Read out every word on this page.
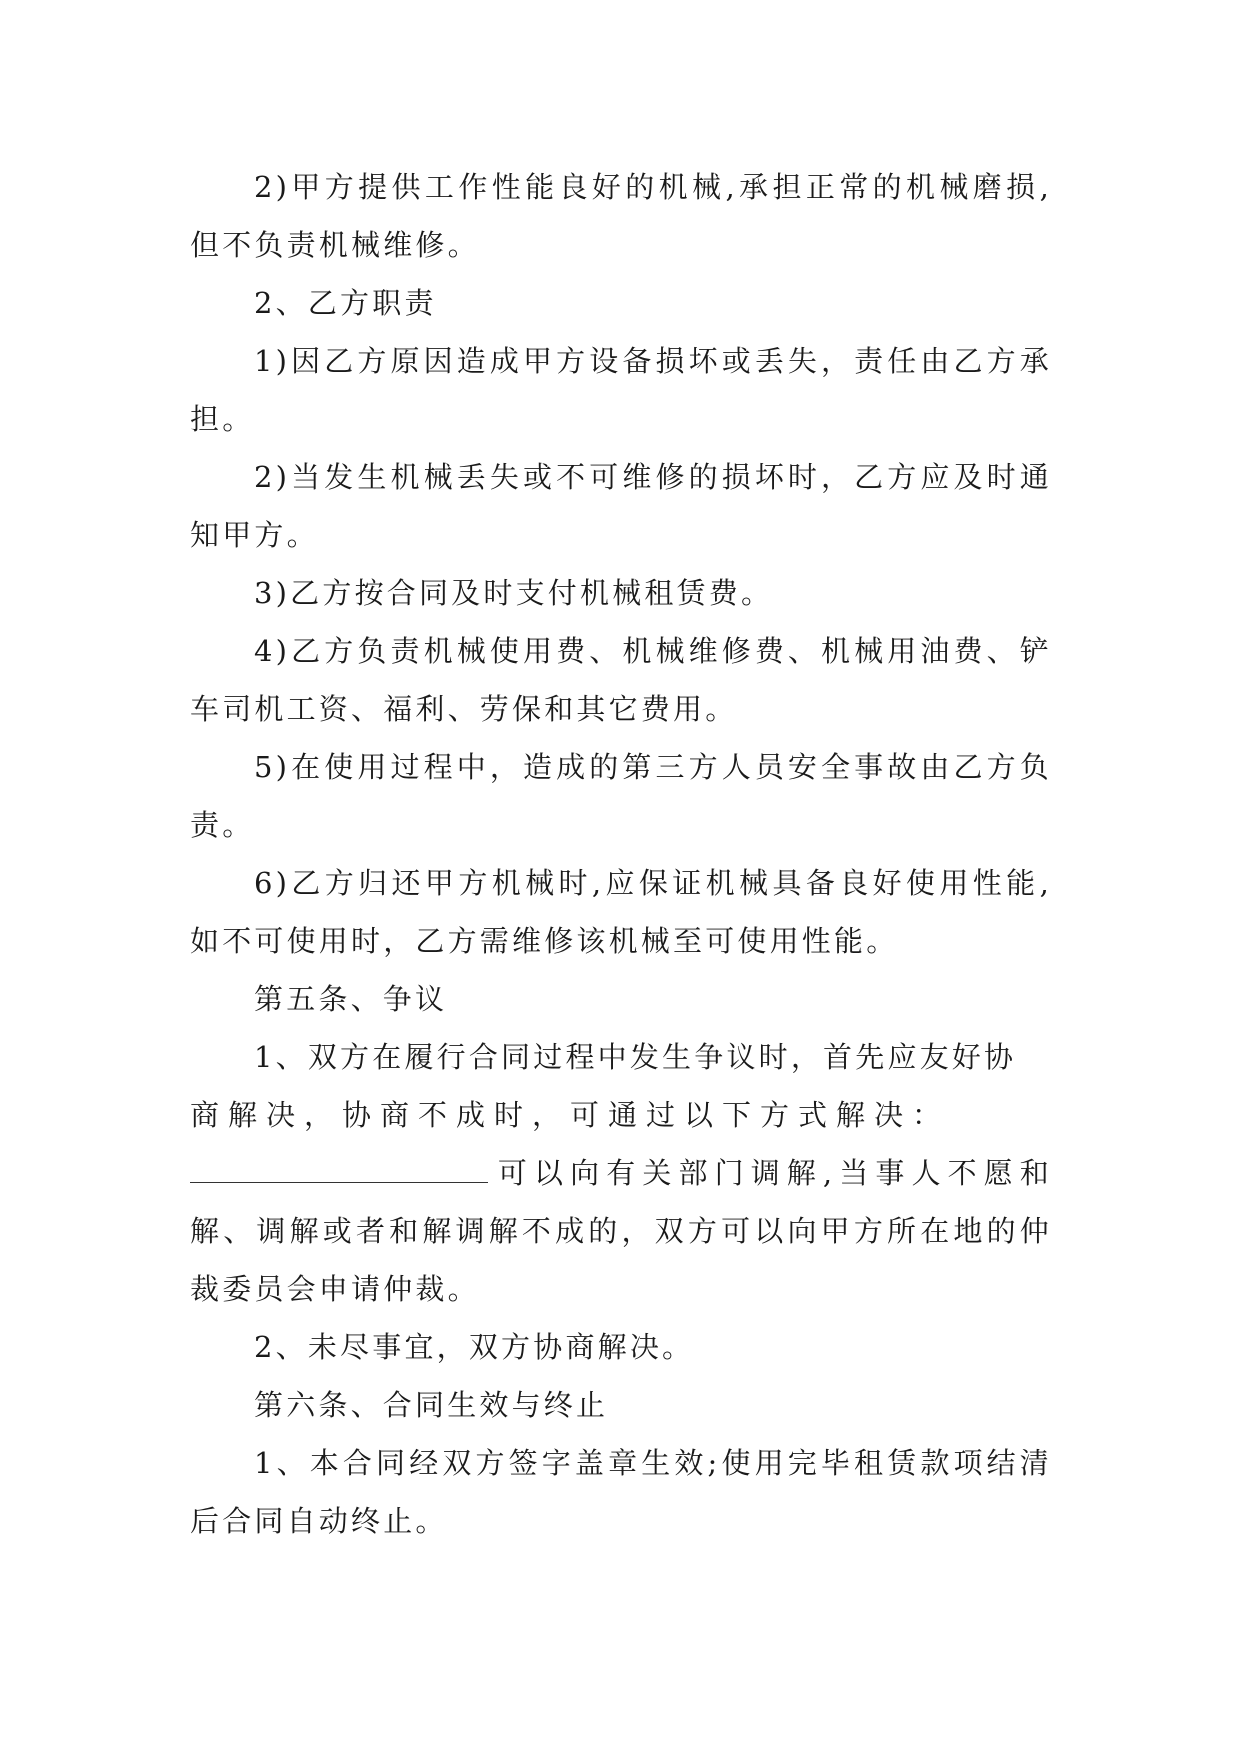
2)甲方提供工作性能良好的机械,承担正常的机械磨损,但不负责机械维修。

2、乙方职责

1)因乙方原因造成甲方设备损坏或丢失，责任由乙方承担。

2)当发生机械丢失或不可维修的损坏时，乙方应及时通知甲方。

3)乙方按合同及时支付机械租赁费。

4)乙方负责机械使用费、机械维修费、机械用油费、铲车司机工资、福利、劳保和其它费用。

5)在使用过程中，造成的第三方人员安全事故由乙方负责。

6)乙方归还甲方机械时,应保证机械具备良好使用性能,如不可使用时，乙方需维修该机械至可使用性能。

第五条、争议

1、双方在履行合同过程中发生争议时，首先应友好协

商解决，协商不成时，可通过以下方式解决：

可以向有关部门调解,当事人不愿和解、调解或者和解调解不成的，双方可以向甲方所在地的仲裁委员会申请仲裁。

2、未尽事宜，双方协商解决。

第六条、合同生效与终止

1、本合同经双方签字盖章生效;使用完毕租赁款项结清后合同自动终止。
